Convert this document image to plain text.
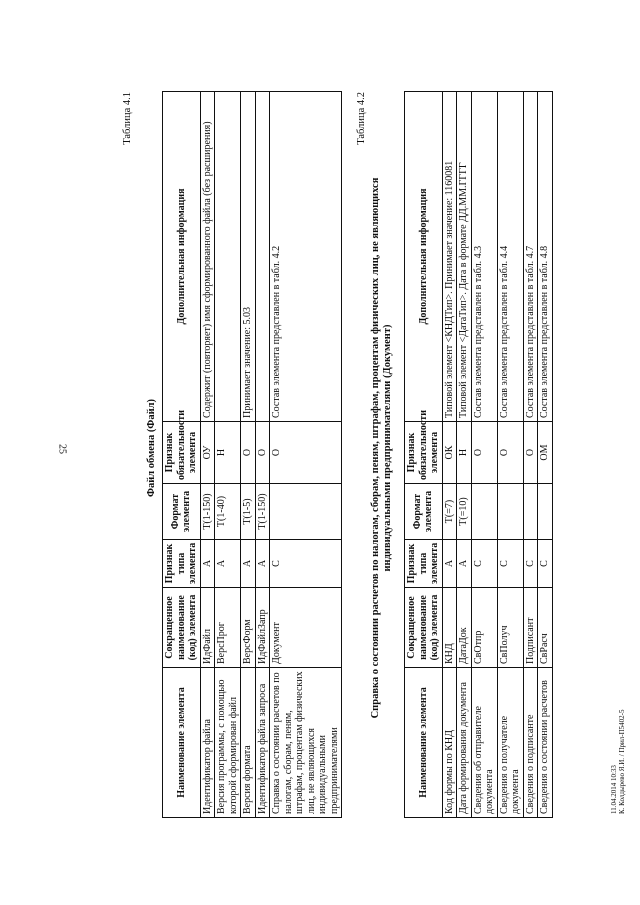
25
Таблица 4.1
Файл обмена (Файл)
Наименование элемента	Сокращенное наименование (код) элемента	Признак типа элемента	Формат элемента	Признак обязательности элемента	Дополнительная информация
Идентификатор файла	ИдФайл	А	T(1-150)	ОУ	Содержит (повторяет) имя сформированного файла (без расширения)
Версия программы, с помощью которой сформирован файл	ВерсПрог	А	T(1-40)	Н	
Версия формата	ВерсФорм	А	T(1-5)	О	Принимает значение: 5.03
Идентификатор файла запроса	ИдФайлЗапр	А	T(1-150)	О	
Справка о состоянии расчетов по налогам, сборам, пеням, штрафам, процентам физических лиц, не являющихся индивидуальными предпринимателями	Документ	С		О	Состав элемента представлен в табл. 4.2
Таблица 4.2
Справка о состоянии расчетов по налогам, сборам, пеням, штрафам, процентам физических лиц, не являющихся индивидуальными предпринимателями (Документ)
Наименование элемента	Сокращенное наименование (код) элемента	Признак типа элемента	Формат элемента	Признак обязательности элемента	Дополнительная информация
Код формы по КНД	КНД	А	T(=7)	ОК	Типовой элемент <КНДТип>. Принимает значение: 1160081
Дата формирования документа	ДатаДок	А	T(=10)	Н	Типовой элемент <ДатаТип>. Дата в формате ДД.ММ.ГГГГ
Сведения об отправителе документа	СвОтпр	С		О	Состав элемента представлен в табл. 4.3
Сведения о получателе документа	СвПолуч	С		О	Состав элемента представлен в табл. 4.4
Сведения о подписанте	Подписант	С		О	Состав элемента представлен в табл. 4.7
Сведения о состоянии расчетов	СвРасч	С		ОМ	Состав элемента представлен в табл. 4.8
11.04.2014 10:33 К. Колдырево Я.И. / Прил-П5402-5
